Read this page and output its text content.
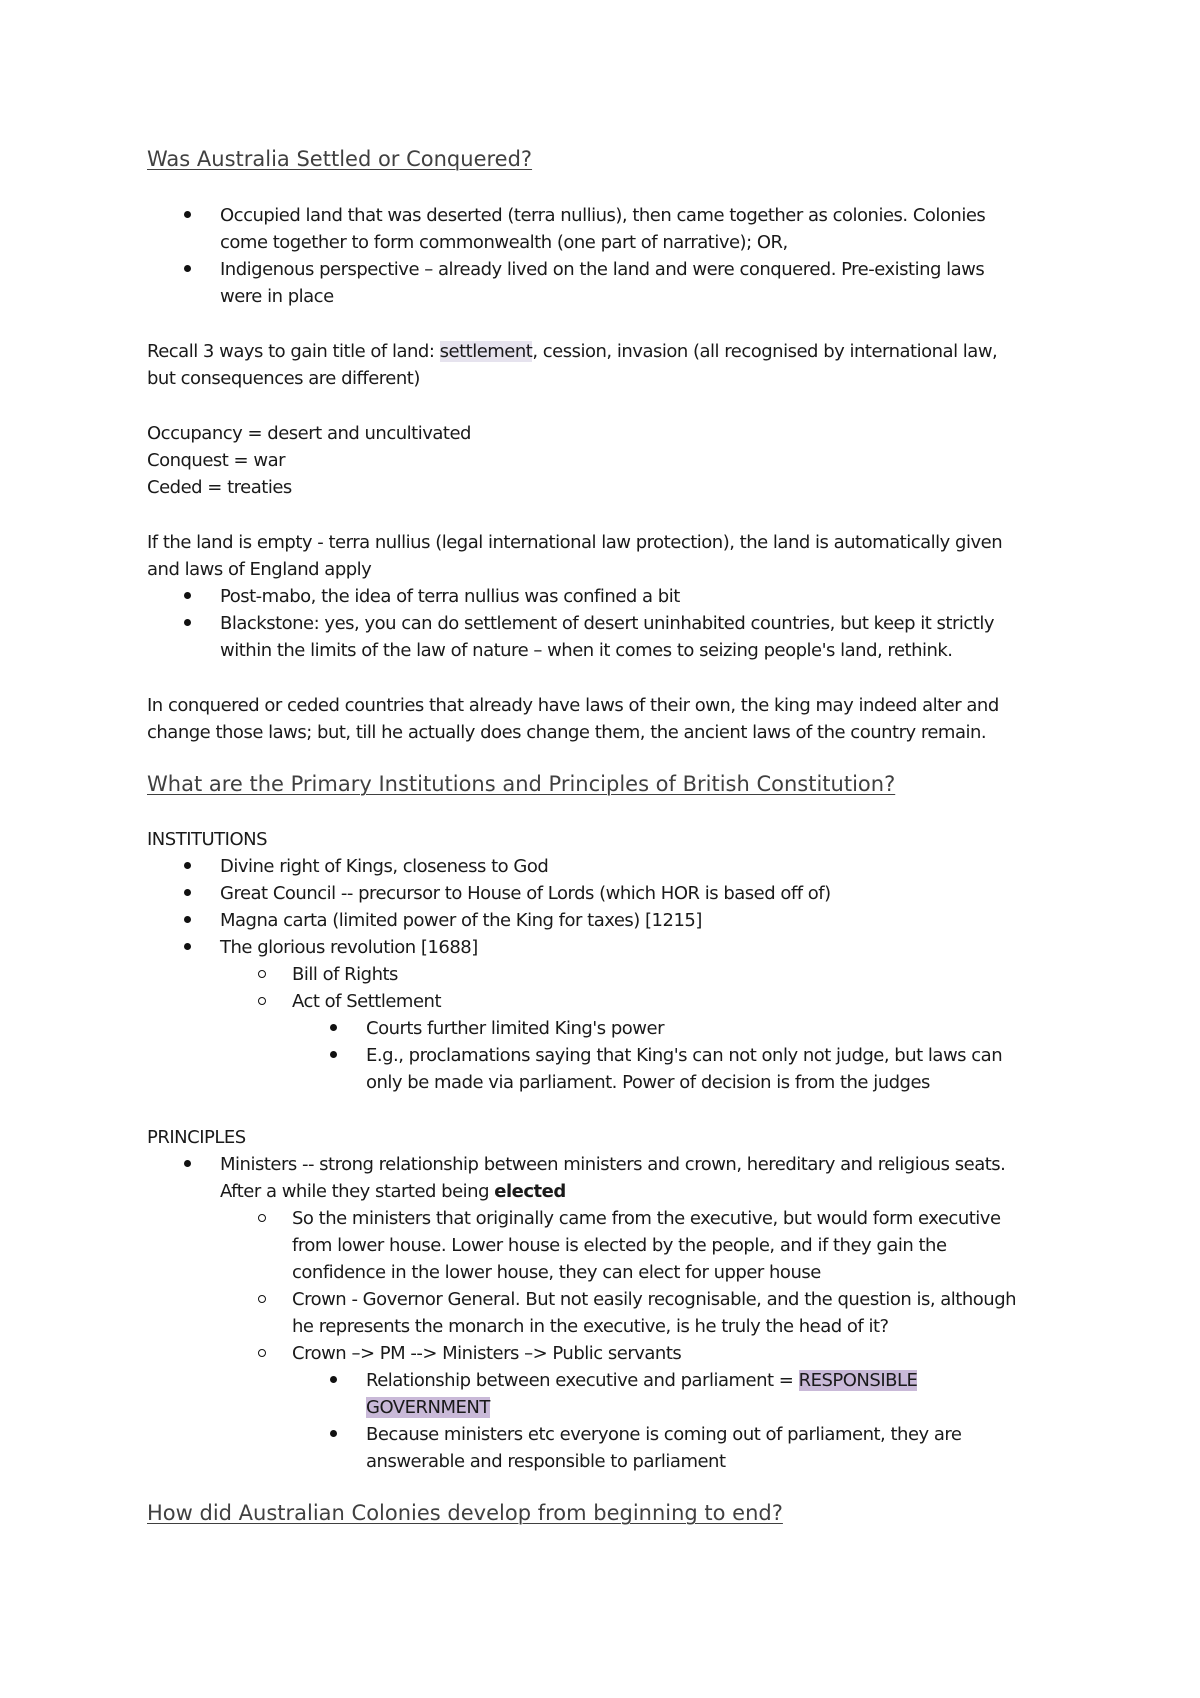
Was Australia Settled or Conquered?
Occupied land that was deserted (terra nullius), then came together as colonies. Colonies
come together to form commonwealth (one part of narrative); OR,
Indigenous perspective – already lived on the land and were conquered. Pre-existing laws
were in place
Recall 3 ways to gain title of land: settlement, cession, invasion (all recognised by international law,
but consequences are different)
Occupancy = desert and uncultivated
Conquest = war
Ceded = treaties
If the land is empty - terra nullius (legal international law protection), the land is automatically given
and laws of England apply
Post-mabo, the idea of terra nullius was confined a bit
Blackstone: yes, you can do settlement of desert uninhabited countries, but keep it strictly
within the limits of the law of nature – when it comes to seizing people's land, rethink.
In conquered or ceded countries that already have laws of their own, the king may indeed alter and
change those laws; but, till he actually does change them, the ancient laws of the country remain.
What are the Primary Institutions and Principles of British Constitution?
INSTITUTIONS
Divine right of Kings, closeness to God
Great Council -- precursor to House of Lords (which HOR is based off of)
Magna carta (limited power of the King for taxes) [1215]
The glorious revolution [1688]
Bill of Rights
Act of Settlement
Courts further limited King's power
E.g., proclamations saying that King's can not only not judge, but laws can
only be made via parliament. Power of decision is from the judges
PRINCIPLES
Ministers -- strong relationship between ministers and crown, hereditary and religious seats.
After a while they started being elected
So the ministers that originally came from the executive, but would form executive
from lower house. Lower house is elected by the people, and if they gain the
confidence in the lower house, they can elect for upper house
Crown - Governor General. But not easily recognisable, and the question is, although
he represents the monarch in the executive, is he truly the head of it?
Crown –> PM --> Ministers –> Public servants
Relationship between executive and parliament = RESPONSIBLE
GOVERNMENT
Because ministers etc everyone is coming out of parliament, they are
answerable and responsible to parliament
How did Australian Colonies develop from beginning to end?
